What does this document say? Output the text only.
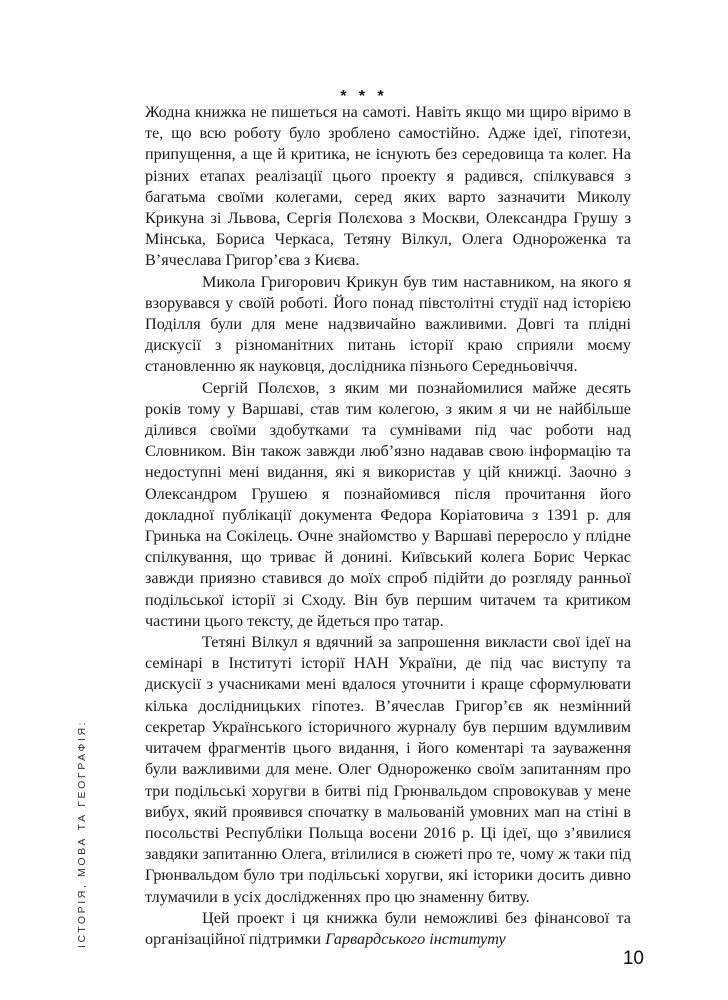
* * *

Жодна книжка не пишеться на самоті. Навіть якщо ми щиро віримо в те, що всю роботу було зроблено самостійно. Адже ідеї, гіпотези, припущення, а ще й критика, не існують без середовища та колег. На різних етапах реалізації цього проекту я радився, спілкувався з багатьма своїми колегами, серед яких варто зазначити Миколу Крикуна зі Львова, Сергія Полєхова з Москви, Олександра Грушу з Мінська, Бориса Черкаса, Тетяну Вілкул, Олега Однороженка та В’ячеслава Григор’єва з Києва.

Микола Григорович Крикун був тим наставником, на якого я взорувався у своїй роботі. Його понад півстолітні студії над історією Поділля були для мене надзвичайно важливими. Довгі та плідні дискусії з різноманітних питань історії краю сприяли моєму становленню як науковця, дослідника пізнього Середньовіччя.

Сергій Полєхов, з яким ми познайомилися майже десять років тому у Варшаві, став тим колегою, з яким я чи не найбільше ділився своїми здобутками та сумнівами під час роботи над Словником. Він також завжди люб’язно надавав свою інформацію та недоступні мені видання, які я використав у цій книжці. Заочно з Олександром Грушею я познайомився після прочитання його докладної публікації документа Федора Коріатовича з 1391 р. для Гринька на Сокілець. Очне знайомство у Варшаві переросло у плідне спілкування, що триває й донині. Київський колега Борис Черкас завжди приязно ставився до моїх спроб підійти до розгляду ранньої подільської історії зі Сходу. Він був першим читачем та критиком частини цього тексту, де йдеться про татар.

Тетяні Вілкул я вдячний за запрошення викласти свої ідеї на семінарі в Інституті історії НАН України, де під час виступу та дискусії з учасниками мені вдалося уточнити і краще сформулювати кілька дослідницьких гіпотез. В’ячеслав Григор’єв як незмінний секретар Українського історичного журналу був першим вдумливим читачем фрагментів цього видання, і його коментарі та зауваження були важливими для мене. Олег Однороженко своїм запитанням про три подільські хоругви в битві під Грюнвальдом спровокував у мене вибух, який проявився спочатку в мальованій умовних мап на стіні в посольстві Республіки Польща восени 2016 р. Ці ідеї, що з’явилися завдяки запитанню Олега, втілилися в сюжеті про те, чому ж таки під Грюнвальдом було три подільські хоругви, які історики досить дивно тлумачили в усіх дослідженнях про цю знаменну битву.

Цей проект і ця книжка були неможливі без фінансової та організаційної підтримки Гарвардського інституту

ІСТОРІЯ, МОВА ТА ГЕОГРАФІЯ:
10
